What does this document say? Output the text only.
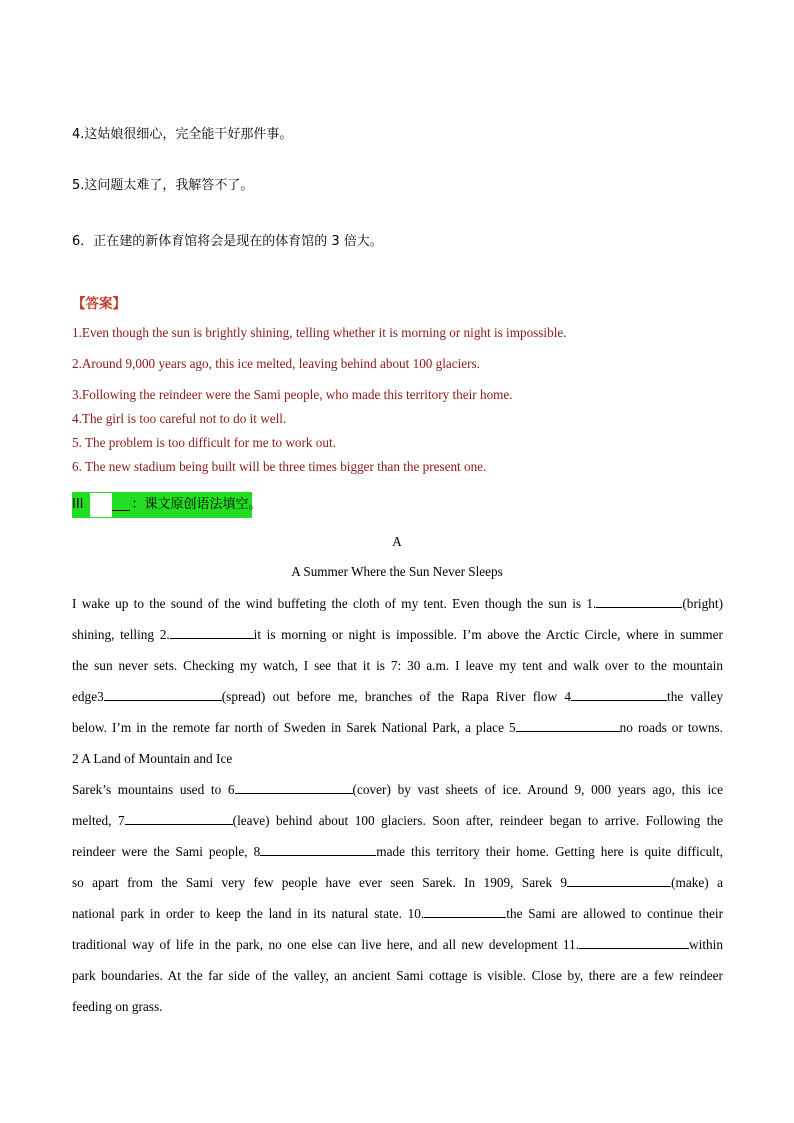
4.这姑娘很细心，完全能干好那件事。
5.这问题太难了，我解答不了。
6．正在建的新体育馆将会是现在的体育馆的 3 倍大。
【答案】
1.Even though the sun is brightly shining, telling whether it is morning or night is impossible.
2.Around 9,000 years ago, this ice melted, leaving behind about 100 glaciers.
3.Following the reindeer were the Sami people, who made this territory their home.
4.The girl is too careful not to do it well.
5. The problem is too difficult for me to work out.
6. The new stadium being built will be three times bigger than the present one.
III	：课文原创语法填空。
A
A Summer Where the Sun Never Sleeps
I wake up to the sound of the wind buffeting the cloth of my tent. Even though the sun is 1.	(bright)
shining, telling 2.	it is morning or night is impossible. I’m above the Arctic Circle, where in summer
the sun never sets. Checking my watch, I see that it is 7: 30 a.m. I leave my tent and walk over to the mountain
edge3	(spread) out before me, branches of the Rapa River flow 4	the valley
below. I’m in the remote far north of Sweden in Sarek National Park, a place 5	no roads or towns.
2 A Land of Mountain and Ice
Sarek’s mountains used to 6	(cover) by vast sheets of ice. Around 9, 000 years ago, this ice
melted, 7	(leave) behind about 100 glaciers. Soon after, reindeer began to arrive. Following the
reindeer were the Sami people, 8	made this territory their home. Getting here is quite difficult,
so apart from the Sami very few people have ever seen Sarek. In 1909, Sarek 9	(make) a
national park in order to keep the land in its natural state. 10.	the Sami are allowed to continue their
traditional way of life in the park, no one else can live here, and all new development 11.	within
park boundaries. At the far side of the valley, an ancient Sami cottage is visible. Close by, there are a few reindeer
feeding on grass.
